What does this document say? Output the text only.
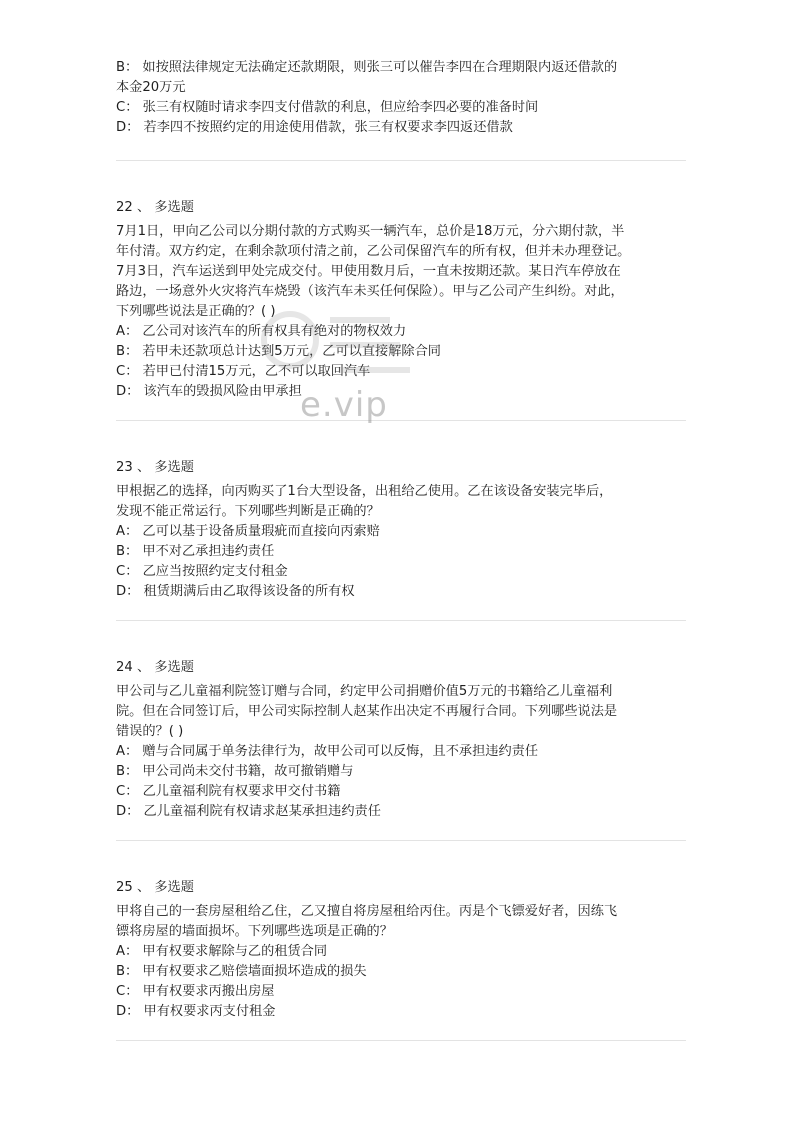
B： 如按照法律规定无法确定还款期限，则张三可以催告李四在合理期限内返还借款的
本金20万元
C： 张三有权随时请求李四支付借款的利息，但应给李四必要的准备时间
D： 若李四不按照约定的用途使用借款，张三有权要求李四返还借款
22 、 多选题
7月1日，甲向乙公司以分期付款的方式购买一辆汽车，总价是18万元，分六期付款，半
年付清。双方约定，在剩余款项付清之前，乙公司保留汽车的所有权，但并未办理登记。
7月3日，汽车运送到甲处完成交付。甲使用数月后，一直未按期还款。某日汽车停放在
路边，一场意外火灾将汽车烧毁（该汽车未买任何保险）。甲与乙公司产生纠纷。对此，
下列哪些说法是正确的？( )
A： 乙公司对该汽车的所有权具有绝对的物权效力
B： 若甲未还款项总计达到5万元，乙可以直接解除合同
C： 若甲已付清15万元，乙不可以取回汽车
D： 该汽车的毁损风险由甲承担
23 、 多选题
甲根据乙的选择，向丙购买了1台大型设备，出租给乙使用。乙在该设备安装完毕后，
发现不能正常运行。下列哪些判断是正确的？
A： 乙可以基于设备质量瑕疵而直接向丙索赔
B： 甲不对乙承担违约责任
C： 乙应当按照约定支付租金
D： 租赁期满后由乙取得该设备的所有权
24 、 多选题
甲公司与乙儿童福利院签订赠与合同，约定甲公司捐赠价值5万元的书籍给乙儿童福利
院。但在合同签订后，甲公司实际控制人赵某作出决定不再履行合同。下列哪些说法是
错误的？( )
A： 赠与合同属于单务法律行为，故甲公司可以反悔，且不承担违约责任
B： 甲公司尚未交付书籍，故可撤销赠与
C： 乙儿童福利院有权要求甲交付书籍
D： 乙儿童福利院有权请求赵某承担违约责任
25 、 多选题
甲将自己的一套房屋租给乙住，乙又擅自将房屋租给丙住。丙是个飞镖爱好者，因练飞
镖将房屋的墙面损坏。下列哪些选项是正确的？
A： 甲有权要求解除与乙的租赁合同
B： 甲有权要求乙赔偿墙面损坏造成的损失
C： 甲有权要求丙搬出房屋
D： 甲有权要求丙支付租金
e.vip
